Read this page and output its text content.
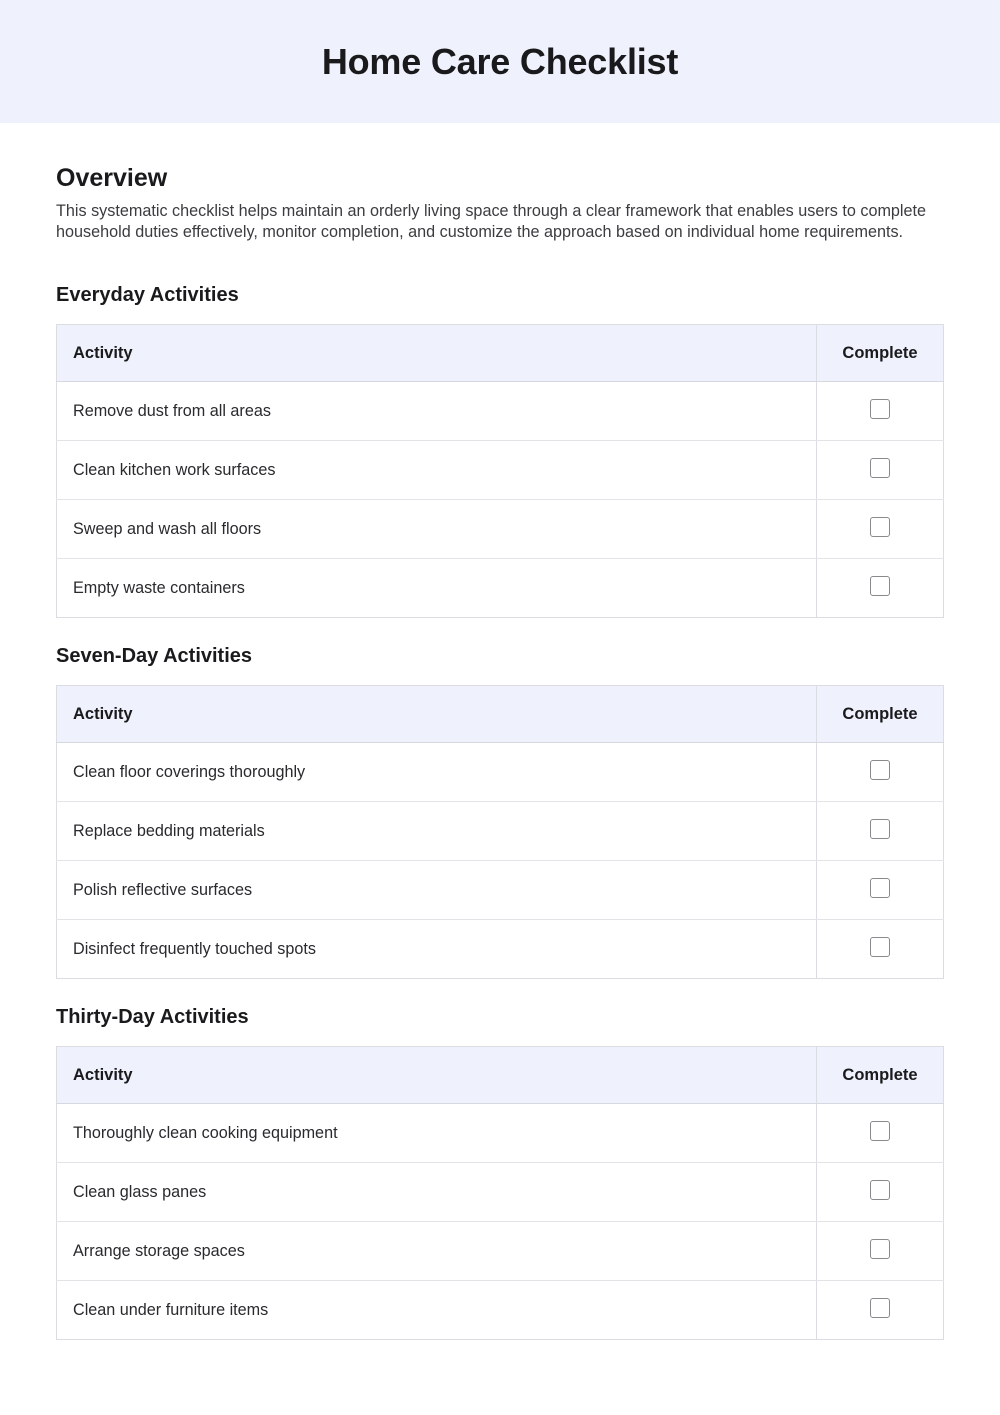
Home Care Checklist
Overview

This systematic checklist helps maintain an orderly living space through a clear framework that enables users to complete household duties effectively, monitor completion, and customize the approach based on individual home requirements.

Everyday Activities
Activity	Complete
Remove dust from all areas	
Clean kitchen work surfaces	
Sweep and wash all floors	
Empty waste containers	
Seven-Day Activities
Activity	Complete
Clean floor coverings thoroughly	
Replace bedding materials	
Polish reflective surfaces	
Disinfect frequently touched spots	
Thirty-Day Activities
Activity	Complete
Thoroughly clean cooking equipment	
Clean glass panes	
Arrange storage spaces	
Clean under furniture items	
